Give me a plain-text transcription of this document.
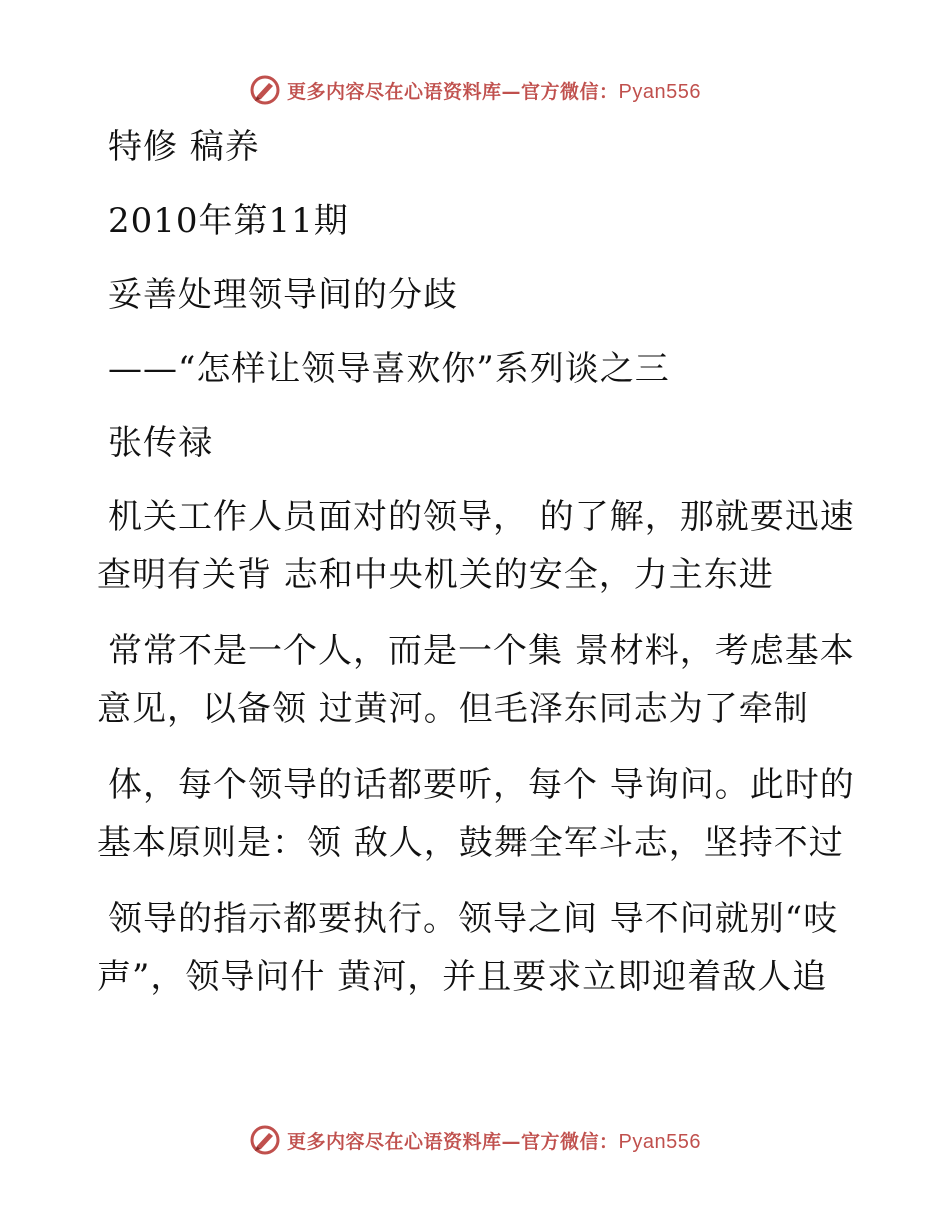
更多内容尽在心语资料库—官方微信：Pyan556
特修 稿养
2010年第11期
妥善处理领导间的分歧
——“怎样让领导喜欢你”系列谈之三
张传禄
机关工作人员面对的领导， 的了解，那就要迅速
查明有关背 志和中央机关的安全，力主东进
常常不是一个人，而是一个集 景材料，考虑基本
意见，以备领 过黄河。但毛泽东同志为了牵制
体，每个领导的话都要听，每个 导询问。此时的
基本原则是：领 敌人，鼓舞全军斗志，坚持不过
领导的指示都要执行。领导之间 导不问就别“吱
声”，领导问什 黄河，并且要求立即迎着敌人追
更多内容尽在心语资料库—官方微信：Pyan556
